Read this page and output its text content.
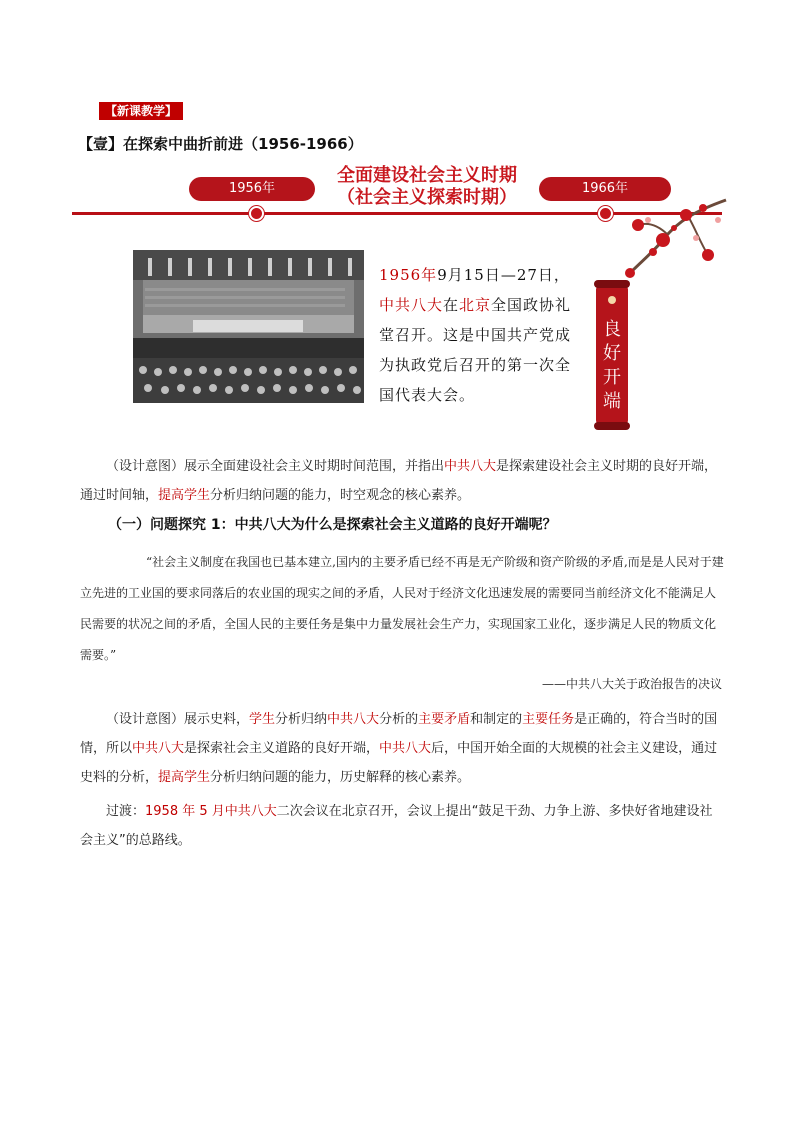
【新课教学】
【壹】在探索中曲折前进（1956-1966）
1956年	1966年
全面建设社会主义时期
（社会主义探索时期）
1956年9月15日—27日，中共八大在北京全国政协礼堂召开。这是中国共产党成为执政党后召开的第一次全国代表大会。
良好开端
（设计意图）展示全面建设社会主义时期时间范围，并指出中共八大是探索建设社会主义时期的良好开端，通过时间轴，提高学生分析归纳问题的能力，时空观念的核心素养。
（一）问题探究 1：中共八大为什么是探索社会主义道路的良好开端呢？
“社会主义制度在我国也已基本建立,国内的主要矛盾已经不再是无产阶级和资产阶级的矛盾,而是是人民对于建立先进的工业国的要求同落后的农业国的现实之间的矛盾，人民对于经济文化迅速发展的需要同当前经济文化不能满足人民需要的状况之间的矛盾，全国人民的主要任务是集中力量发展社会生产力，实现国家工业化，逐步满足人民的物质文化需要。”
——中共八大关于政治报告的决议
（设计意图）展示史料，学生分析归纳中共八大分析的主要矛盾和制定的主要任务是正确的，符合当时的国情，所以中共八大是探索社会主义道路的良好开端，中共八大后，中国开始全面的大规模的社会主义建设，通过史料的分析，提高学生分析归纳问题的能力，历史解释的核心素养。
过渡：1958 年 5 月中共八大二次会议在北京召开，会议上提出“鼓足干劲、力争上游、多快好省地建设社会主义”的总路线。
